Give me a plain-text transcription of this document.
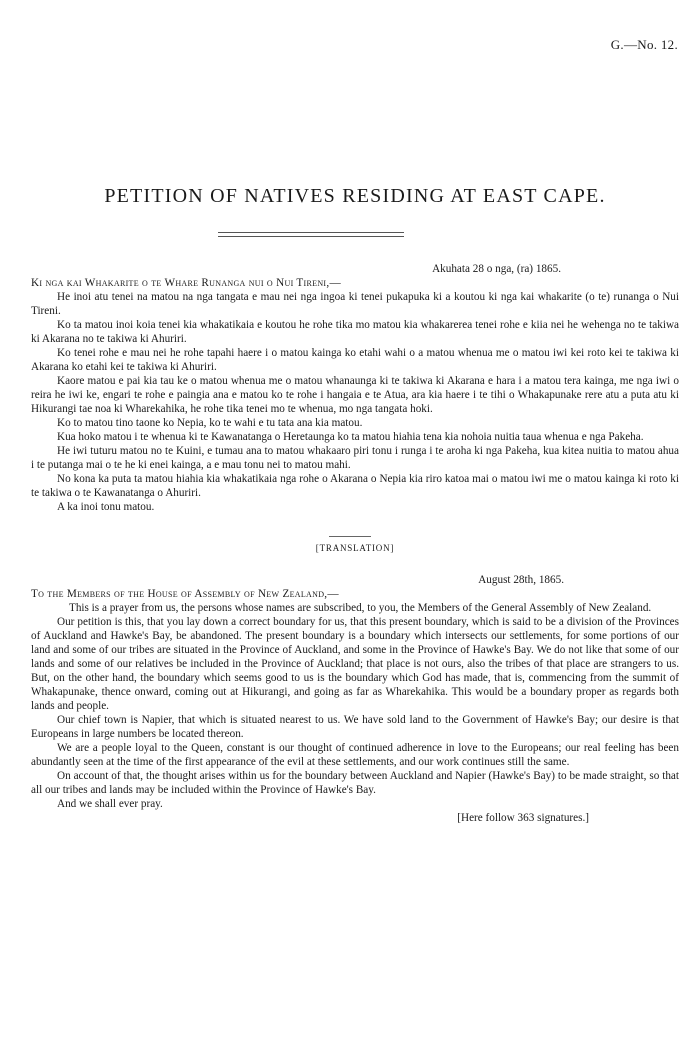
G.—No. 12.
PETITION OF NATIVES RESIDING AT EAST CAPE.
Akuhata 28 o nga, (ra) 1865.

Ki nga kai Whakarite o te Whare Runanga nui o Nui Tireni,—

He inoi atu tenei na matou na nga tangata e mau nei nga ingoa ki tenei pukapuka ki a koutou ki nga kai whakarite (o te) runanga o Nui Tireni.

Ko ta matou inoi koia tenei kia whakatikaia e koutou he rohe tika mo matou kia whakarerea tenei rohe e kiia nei he wehenga no te takiwa ki Akarana no te takiwa ki Ahuriri.

Ko tenei rohe e mau nei he rohe tapahi haere i o matou kainga ko etahi wahi o a matou whenua me o matou iwi kei roto kei te takiwa ki Akarana ko etahi kei te takiwa ki Ahuriri.

Kaore matou e pai kia tau ke o matou whenua me o matou whanaunga ki te takiwa ki Akarana e hara i a matou tera kainga, me nga iwi o reira he iwi ke, engari te rohe e paingia ana e matou ko te rohe i hangaia e te Atua, ara kia haere i te tihi o Whakapunake rere atu a puta atu ki Hikurangi tae noa ki Wharekahika, he rohe tika tenei mo te whenua, mo nga tangata hoki.

Ko to matou tino taone ko Nepia, ko te wahi e tu tata ana kia matou.

Kua hoko matou i te whenua ki te Kawanatanga o Heretaunga ko ta matou hiahia tena kia nohoia nuitia taua whenua e nga Pakeha.

He iwi tuturu matou no te Kuini, e tumau ana to matou whakaaro piri tonu i runga i te aroha ki nga Pakeha, kua kitea nuitia to matou ahua i te putanga mai o te he ki enei kainga, a e mau tonu nei to matou mahi.

No kona ka puta ta matou hiahia kia whakatikaia nga rohe o Akarana o Nepia kia riro katoa mai o matou iwi me o matou kainga ki roto ki te takiwa o te Kawanatanga o Ahuriri.

A ka inoi tonu matou.

[TRANSLATION]
August 28th, 1865.

To the Members of the House of Assembly of New Zealand,—

This is a prayer from us, the persons whose names are subscribed, to you, the Members of the General Assembly of New Zealand.

Our petition is this, that you lay down a correct boundary for us, that this present boundary, which is said to be a division of the Provinces of Auckland and Hawke's Bay, be abandoned. The present boundary is a boundary which intersects our settlements, for some portions of our land and some of our tribes are situated in the Province of Auckland, and some in the Province of Hawke's Bay. We do not like that some of our lands and some of our relatives be included in the Province of Auckland; that place is not ours, also the tribes of that place are strangers to us. But, on the other hand, the boundary which seems good to us is the boundary which God has made, that is, commencing from the summit of Whakapunake, thence onward, coming out at Hikurangi, and going as far as Wharekahika. This would be a boundary proper as regards both lands and people.

Our chief town is Napier, that which is situated nearest to us. We have sold land to the Government of Hawke's Bay; our desire is that Europeans in large numbers be located thereon.

We are a people loyal to the Queen, constant is our thought of continued adherence in love to the Europeans; our real feeling has been abundantly seen at the time of the first appearance of the evil at these settlements, and our work continues still the same.

On account of that, the thought arises within us for the boundary between Auckland and Napier (Hawke's Bay) to be made straight, so that all our tribes and lands may be included within the Province of Hawke's Bay.

And we shall ever pray.

[Here follow 363 signatures.]
